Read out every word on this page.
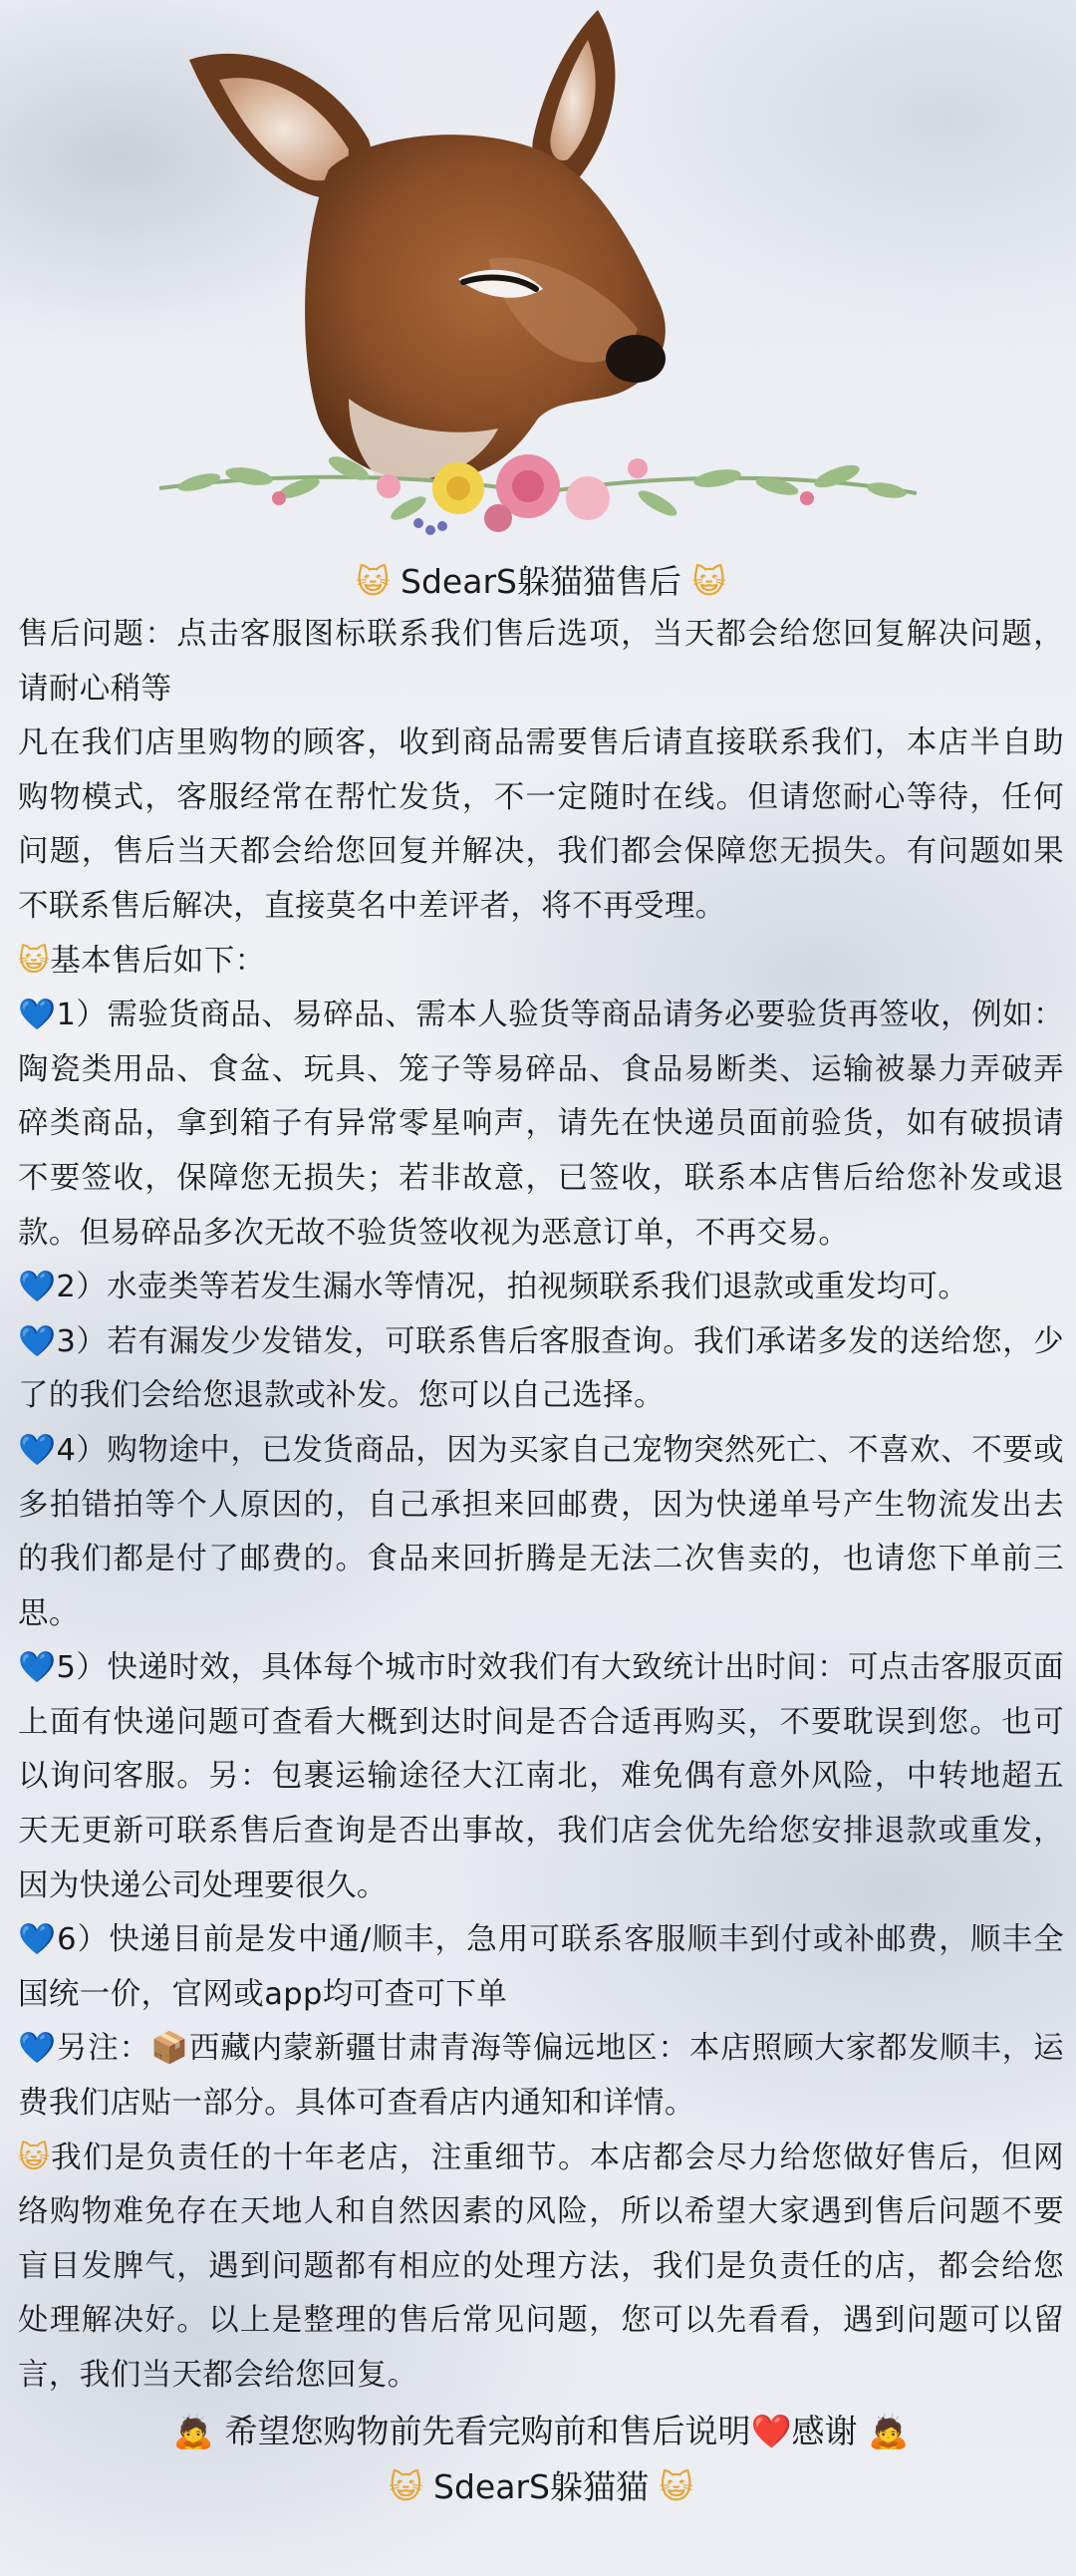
😺 SdearS躲猫猫售后 😺

售后问题：点击客服图标联系我们售后选项，当天都会给您回复解决问题，请耐心稍等

凡在我们店里购物的顾客，收到商品需要售后请直接联系我们，本店半自助购物模式，客服经常在帮忙发货，不一定随时在线。但请您耐心等待，任何问题，售后当天都会给您回复并解决，我们都会保障您无损失。有问题如果不联系售后解决，直接莫名中差评者，将不再受理。

😺基本售后如下：

💙1）需验货商品、易碎品、需本人验货等商品请务必要验货再签收，例如：陶瓷类用品、食盆、玩具、笼子等易碎品、食品易断类、运输被暴力弄破弄碎类商品，拿到箱子有异常零星响声，请先在快递员面前验货，如有破损请不要签收，保障您无损失；若非故意，已签收，联系本店售后给您补发或退款。但易碎品多次无故不验货签收视为恶意订单，不再交易。

💙2）水壶类等若发生漏水等情况，拍视频联系我们退款或重发均可。

💙3）若有漏发少发错发，可联系售后客服查询。我们承诺多发的送给您，少了的我们会给您退款或补发。您可以自己选择。

💙4）购物途中，已发货商品，因为买家自己宠物突然死亡、不喜欢、不要或多拍错拍等个人原因的，自己承担来回邮费，因为快递单号产生物流发出去的我们都是付了邮费的。食品来回折腾是无法二次售卖的，也请您下单前三思。

💙5）快递时效，具体每个城市时效我们有大致统计出时间：可点击客服页面上面有快递问题可查看大概到达时间是否合适再购买，不要耽误到您。也可以询问客服。另：包裹运输途径大江南北，难免偶有意外风险，中转地超五天无更新可联系售后查询是否出事故，我们店会优先给您安排退款或重发，因为快递公司处理要很久。

💙6）快递目前是发中通/顺丰，急用可联系客服顺丰到付或补邮费，顺丰全国统一价，官网或app均可查可下单

💙另注：📦西藏内蒙新疆甘肃青海等偏远地区：本店照顾大家都发顺丰，运费我们店贴一部分。具体可查看店内通知和详情。

😺我们是负责任的十年老店，注重细节。本店都会尽力给您做好售后，但网络购物难免存在天地人和自然因素的风险，所以希望大家遇到售后问题不要盲目发脾气，遇到问题都有相应的处理方法，我们是负责任的店，都会给您处理解决好。以上是整理的售后常见问题，您可以先看看，遇到问题可以留言，我们当天都会给您回复。

🙇 希望您购物前先看完购前和售后说明❤️感谢 🙇

😺 SdearS躲猫猫 😺
